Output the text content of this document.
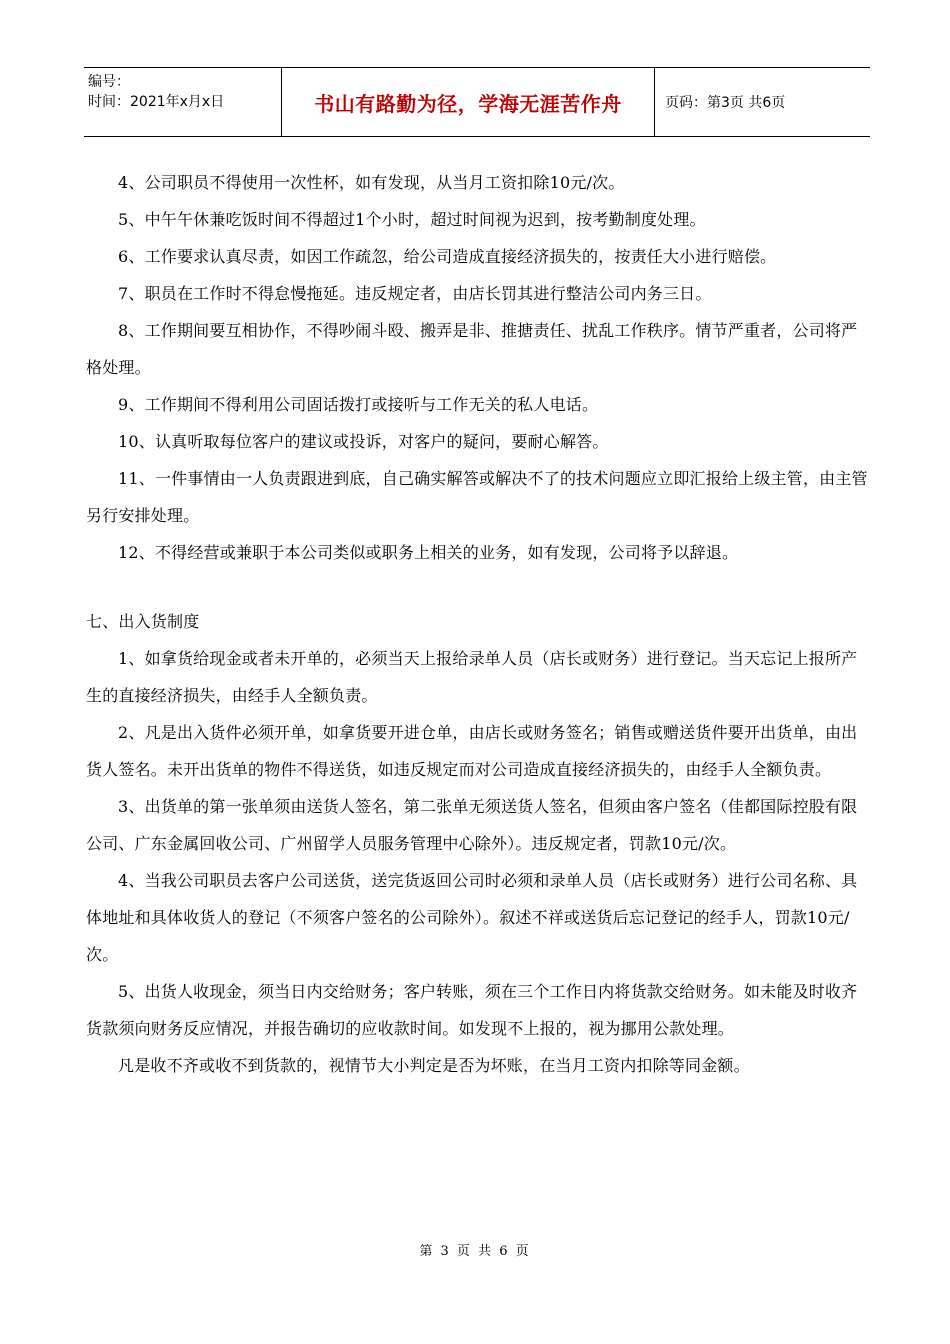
编号：
时间：2021年x月x日	书山有路勤为径，学海无涯苦作舟	页码：第3页 共6页

4、公司职员不得使用一次性杯，如有发现，从当月工资扣除10元/次。

5、中午午休兼吃饭时间不得超过1个小时，超过时间视为迟到，按考勤制度处理。

6、工作要求认真尽责，如因工作疏忽，给公司造成直接经济损失的，按责任大小进行赔偿。

7、职员在工作时不得怠慢拖延。违反规定者，由店长罚其进行整洁公司内务三日。

8、工作期间要互相协作，不得吵闹斗殴、搬弄是非、推搪责任、扰乱工作秩序。情节严重者，公司将严格处理。

9、工作期间不得利用公司固话拨打或接听与工作无关的私人电话。

10、认真听取每位客户的建议或投诉，对客户的疑问，要耐心解答。

11、一件事情由一人负责跟进到底，自己确实解答或解决不了的技术问题应立即汇报给上级主管，由主管另行安排处理。

12、不得经营或兼职于本公司类似或职务上相关的业务，如有发现，公司将予以辞退。

七、出入货制度

1、如拿货给现金或者未开单的，必须当天上报给录单人员（店长或财务）进行登记。当天忘记上报所产生的直接经济损失，由经手人全额负责。

2、凡是出入货件必须开单，如拿货要开进仓单，由店长或财务签名；销售或赠送货件要开出货单，由出货人签名。未开出货单的物件不得送货，如违反规定而对公司造成直接经济损失的，由经手人全额负责。

3、出货单的第一张单须由送货人签名，第二张单无须送货人签名，但须由客户签名（佳都国际控股有限公司、广东金属回收公司、广州留学人员服务管理中心除外）。违反规定者，罚款10元/次。

4、当我公司职员去客户公司送货，送完货返回公司时必须和录单人员（店长或财务）进行公司名称、具体地址和具体收货人的登记（不须客户签名的公司除外）。叙述不祥或送货后忘记登记的经手人，罚款10元/次。

5、出货人收现金，须当日内交给财务；客户转账，须在三个工作日内将货款交给财务。如未能及时收齐货款须向财务反应情况，并报告确切的应收款时间。如发现不上报的，视为挪用公款处理。

凡是收不齐或收不到货款的，视情节大小判定是否为坏账，在当月工资内扣除等同金额。

第 3 页 共 6 页
